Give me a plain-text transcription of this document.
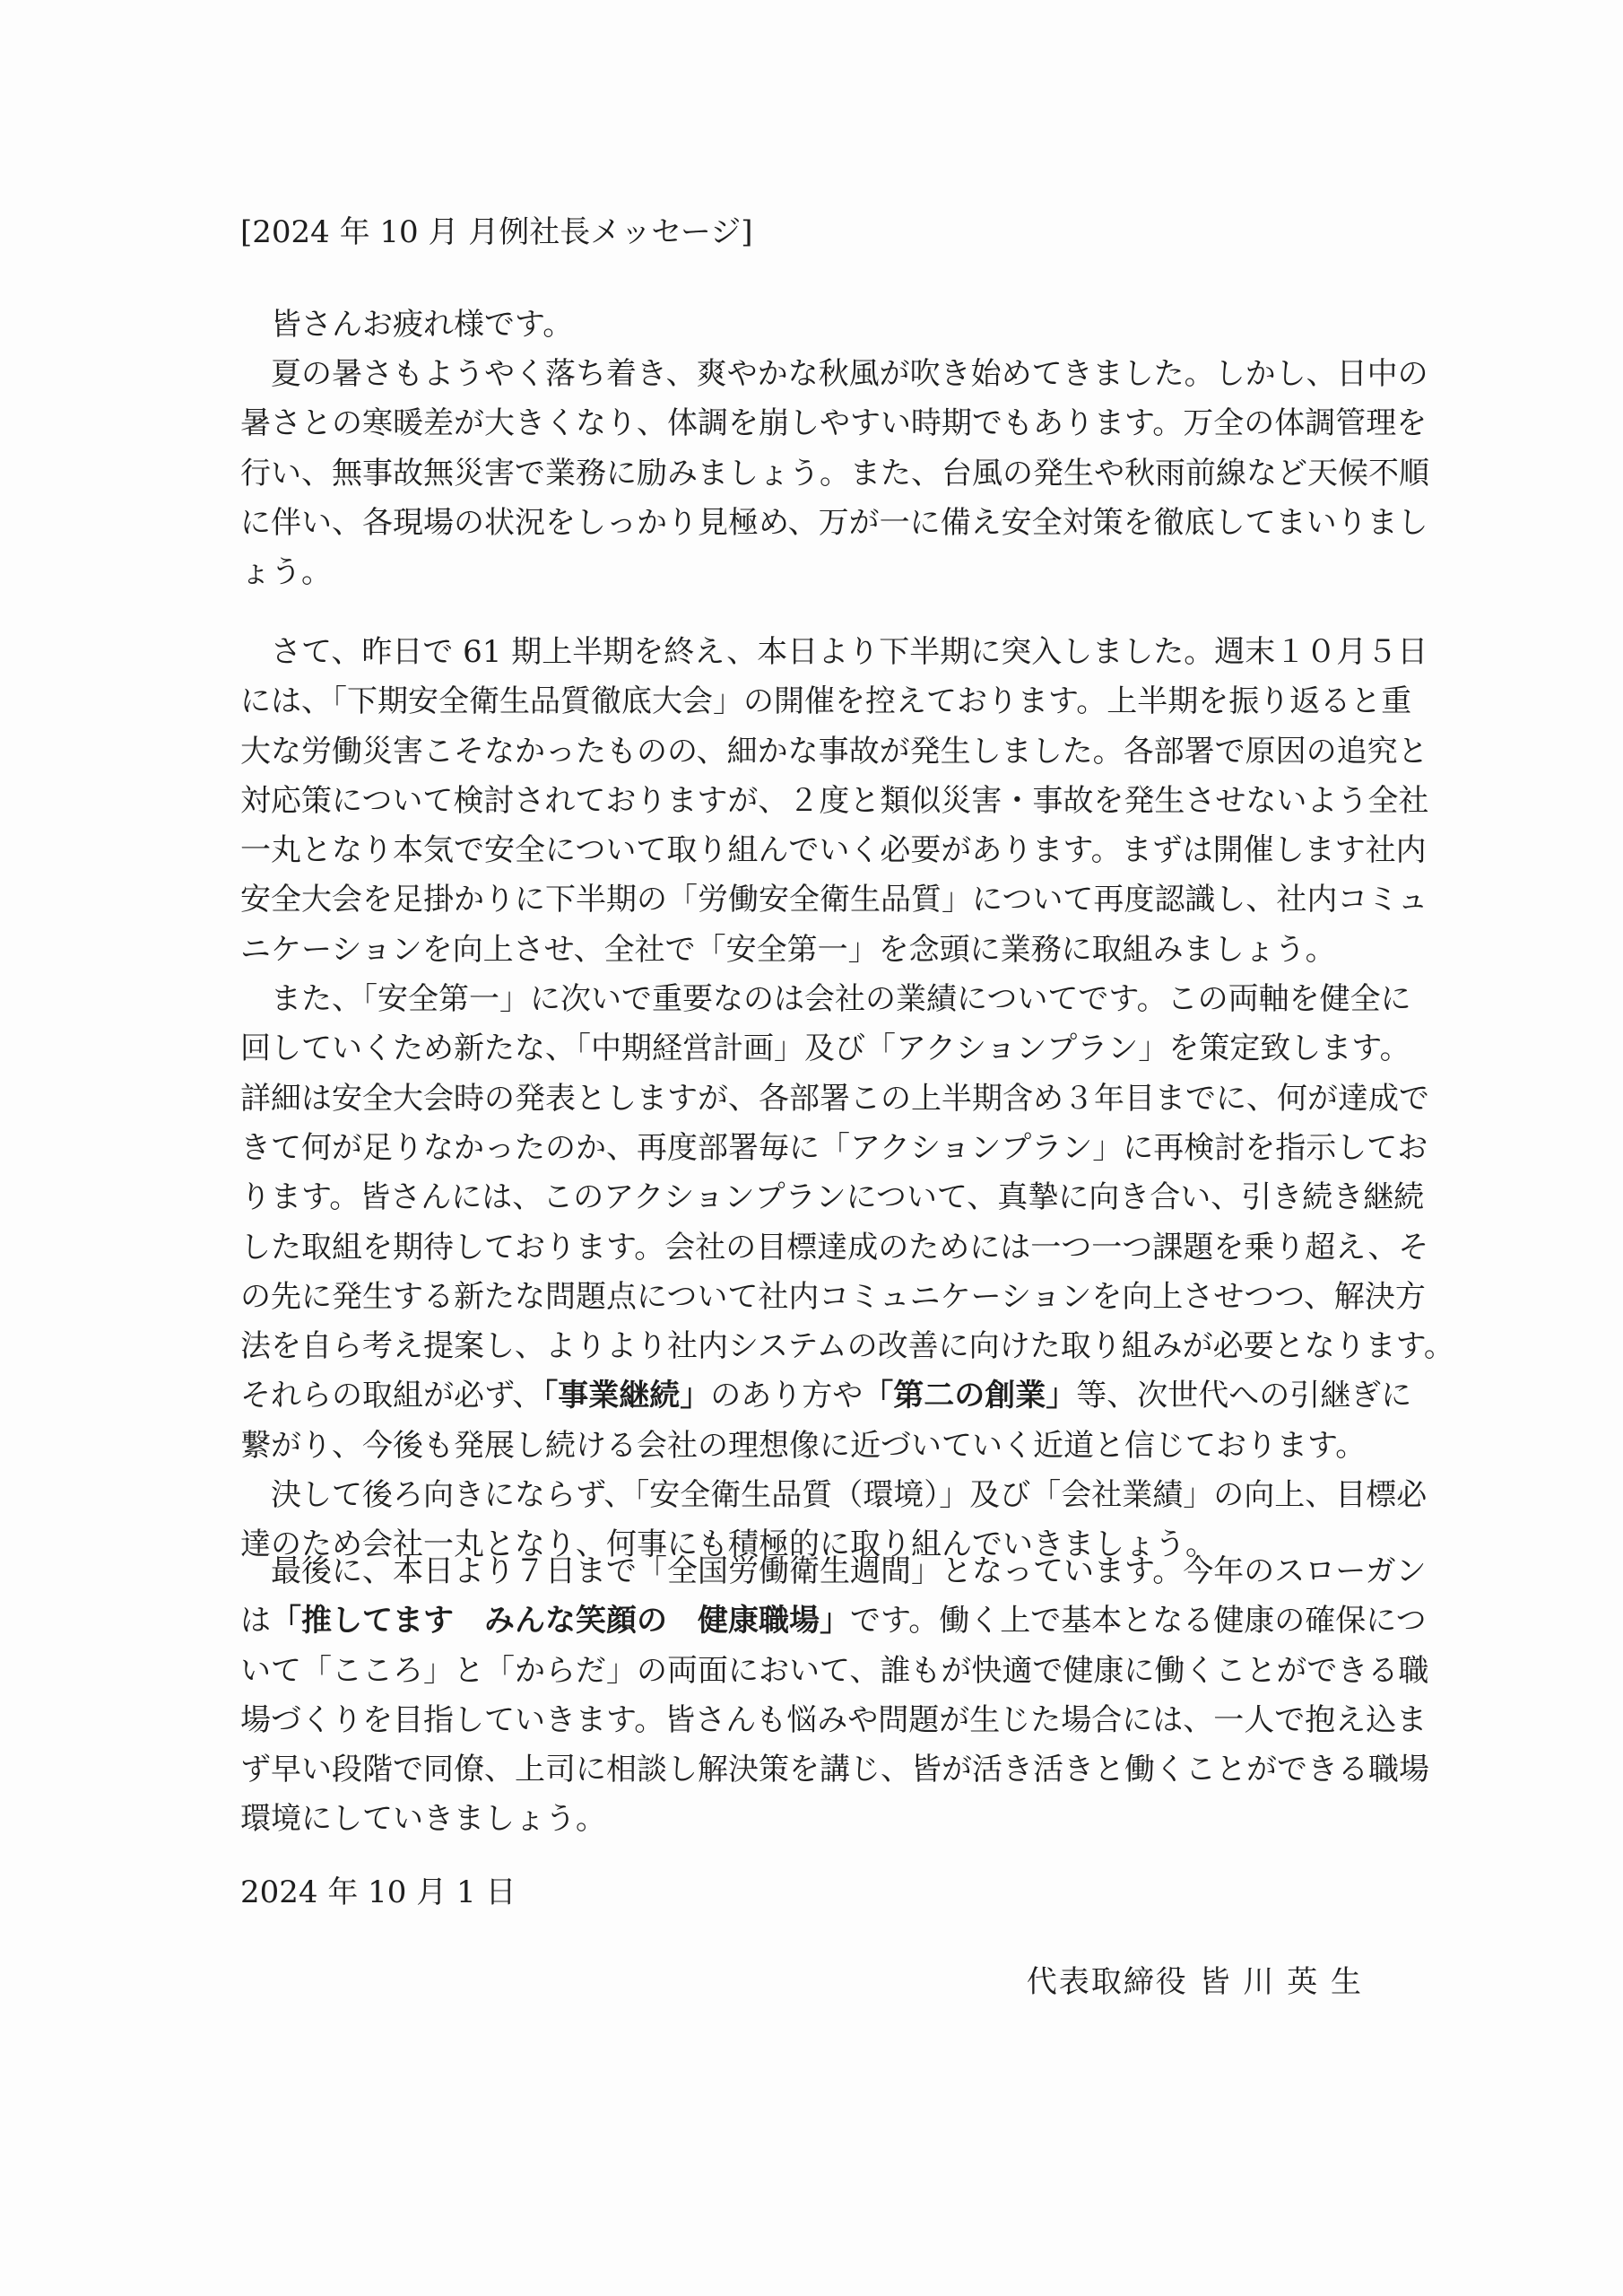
[2024 年 10 月 月例社長メッセージ]
　皆さんお疲れ様です。
　夏の暑さもようやく落ち着き、爽やかな秋風が吹き始めてきました。しかし、日中の
暑さとの寒暖差が大きくなり、体調を崩しやすい時期でもあります。万全の体調管理を
行い、無事故無災害で業務に励みましょう。また、台風の発生や秋雨前線など天候不順
に伴い、各現場の状況をしっかり見極め、万が一に備え安全対策を徹底してまいりまし
ょう。
　さて、昨日で 61 期上半期を終え、本日より下半期に突入しました。週末１０月５日
には、「下期安全衛生品質徹底大会」の開催を控えております。上半期を振り返ると重
大な労働災害こそなかったものの、細かな事故が発生しました。各部署で原因の追究と
対応策について検討されておりますが、２度と類似災害・事故を発生させないよう全社
一丸となり本気で安全について取り組んでいく必要があります。まずは開催します社内
安全大会を足掛かりに下半期の「労働安全衛生品質」について再度認識し、社内コミュ
ニケーションを向上させ、全社で「安全第一」を念頭に業務に取組みましょう。
　また、「安全第一」に次いで重要なのは会社の業績についてです。この両軸を健全に
回していくため新たな、「中期経営計画」及び「アクションプラン」を策定致します。
詳細は安全大会時の発表としますが、各部署この上半期含め３年目までに、何が達成で
きて何が足りなかったのか、再度部署毎に「アクションプラン」に再検討を指示してお
ります。皆さんには、このアクションプランについて、真摯に向き合い、引き続き継続
した取組を期待しております。会社の目標達成のためには一つ一つ課題を乗り超え、そ
の先に発生する新たな問題点について社内コミュニケーションを向上させつつ、解決方
法を自ら考え提案し、よりより社内システムの改善に向けた取り組みが必要となります。
それらの取組が必ず、「事業継続」のあり方や「第二の創業」等、次世代への引継ぎに
繋がり、今後も発展し続ける会社の理想像に近づいていく近道と信じております。
　決して後ろ向きにならず、「安全衛生品質（環境）」及び「会社業績」の向上、目標必
達のため会社一丸となり、何事にも積極的に取り組んでいきましょう。
　最後に、本日より７日まで「全国労働衛生週間」となっています。今年のスローガン
は「推してます　みんな笑顔の　健康職場」です。働く上で基本となる健康の確保につ
いて「こころ」と「からだ」の両面において、誰もが快適で健康に働くことができる職
場づくりを目指していきます。皆さんも悩みや問題が生じた場合には、一人で抱え込ま
ず早い段階で同僚、上司に相談し解決策を講じ、皆が活き活きと働くことができる職場
環境にしていきましょう。
2024 年 10 月 1 日
代表取締役 皆 川 英 生
